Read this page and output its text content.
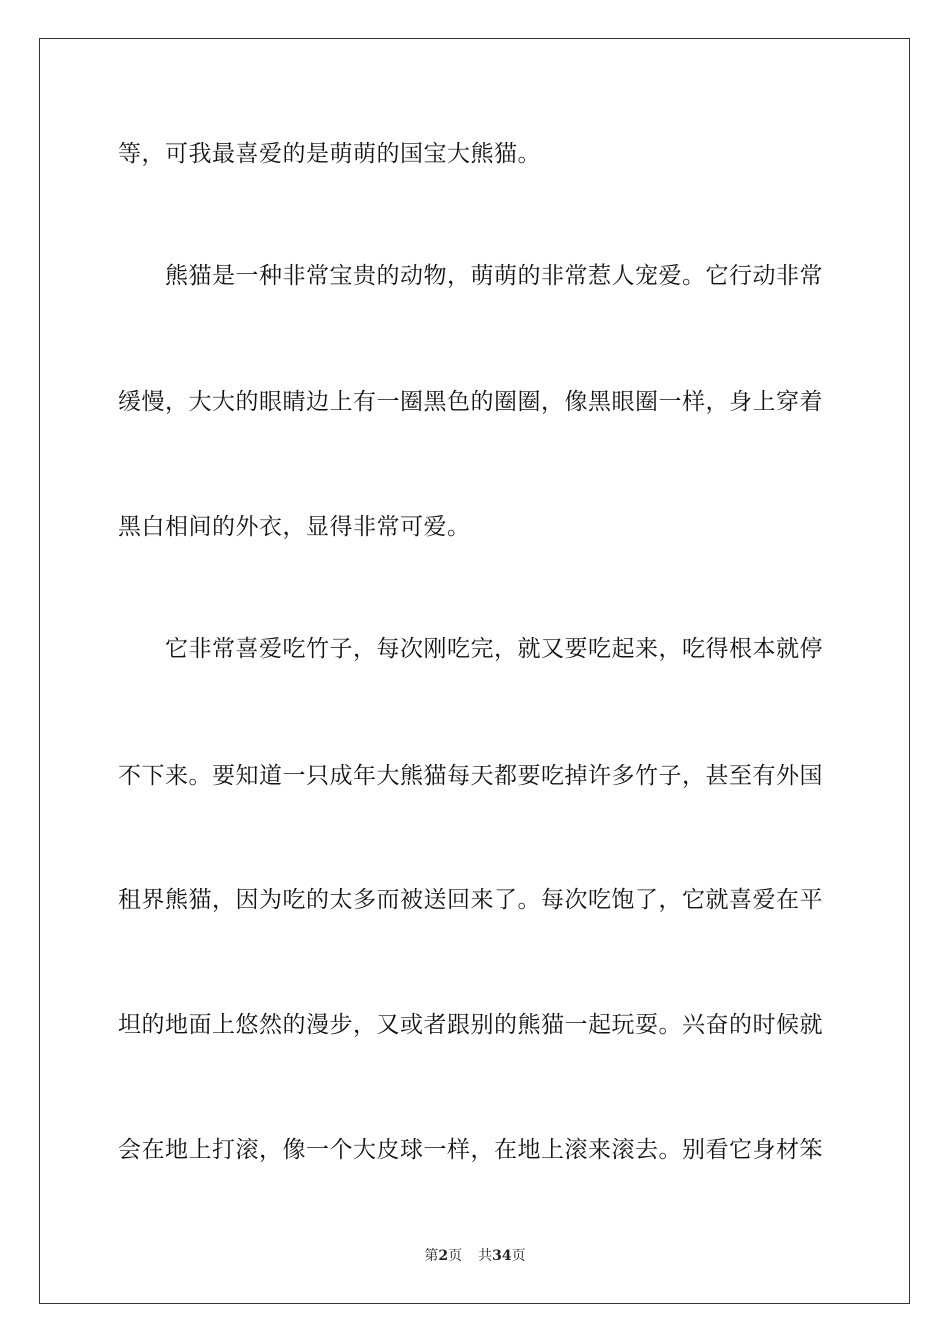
等，可我最喜爱的是萌萌的国宝大熊猫。
熊猫是一种非常宝贵的动物，萌萌的非常惹人宠爱。它行动非常
缓慢，大大的眼睛边上有一圈黑色的圈圈，像黑眼圈一样，身上穿着
黑白相间的外衣，显得非常可爱。
它非常喜爱吃竹子，每次刚吃完，就又要吃起来，吃得根本就停
不下来。要知道一只成年大熊猫每天都要吃掉许多竹子，甚至有外国
租界熊猫，因为吃的太多而被送回来了。每次吃饱了，它就喜爱在平
坦的地面上悠然的漫步，又或者跟别的熊猫一起玩耍。兴奋的时候就
会在地上打滚，像一个大皮球一样，在地上滚来滚去。别看它身材笨
第2页 共34页
